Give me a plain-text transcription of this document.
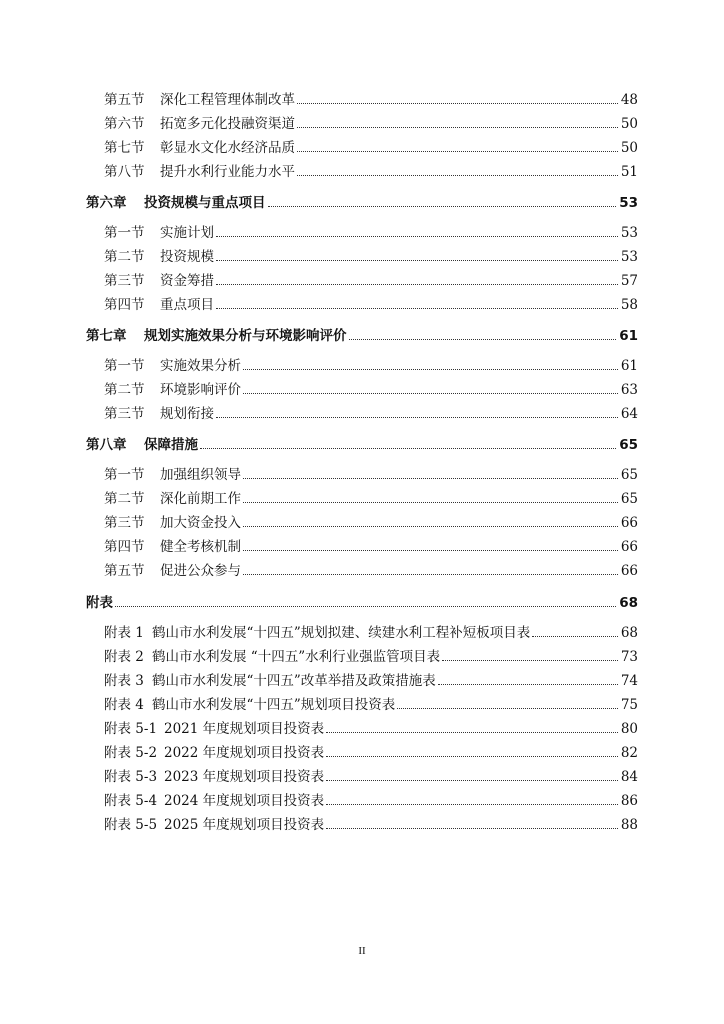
第五节	深化工程管理体制改革	48
第六节	拓宽多元化投融资渠道	50
第七节	彰显水文化水经济品质	50
第八节	提升水利行业能力水平	51
第六章	投资规模与重点项目	53
第一节	实施计划	53
第二节	投资规模	53
第三节	资金筹措	57
第四节	重点项目	58
第七章	规划实施效果分析与环境影响评价	61
第一节	实施效果分析	61
第二节	环境影响评价	63
第三节	规划衔接	64
第八章	保障措施	65
第一节	加强组织领导	65
第二节	深化前期工作	65
第三节	加大资金投入	66
第四节	健全考核机制	66
第五节	促进公众参与	66
附表	68
附表 1 鹤山市水利发展“十四五”规划拟建、续建水利工程补短板项目表	68
附表 2 鹤山市水利发展 “十四五”水利行业强监管项目表	73
附表 3 鹤山市水利发展“十四五”改革举措及政策措施表	74
附表 4 鹤山市水利发展“十四五”规划项目投资表	75
附表 5-1 2021 年度规划项目投资表	80
附表 5-2 2022 年度规划项目投资表	82
附表 5-3 2023 年度规划项目投资表	84
附表 5-4 2024 年度规划项目投资表	86
附表 5-5 2025 年度规划项目投资表	88
II
